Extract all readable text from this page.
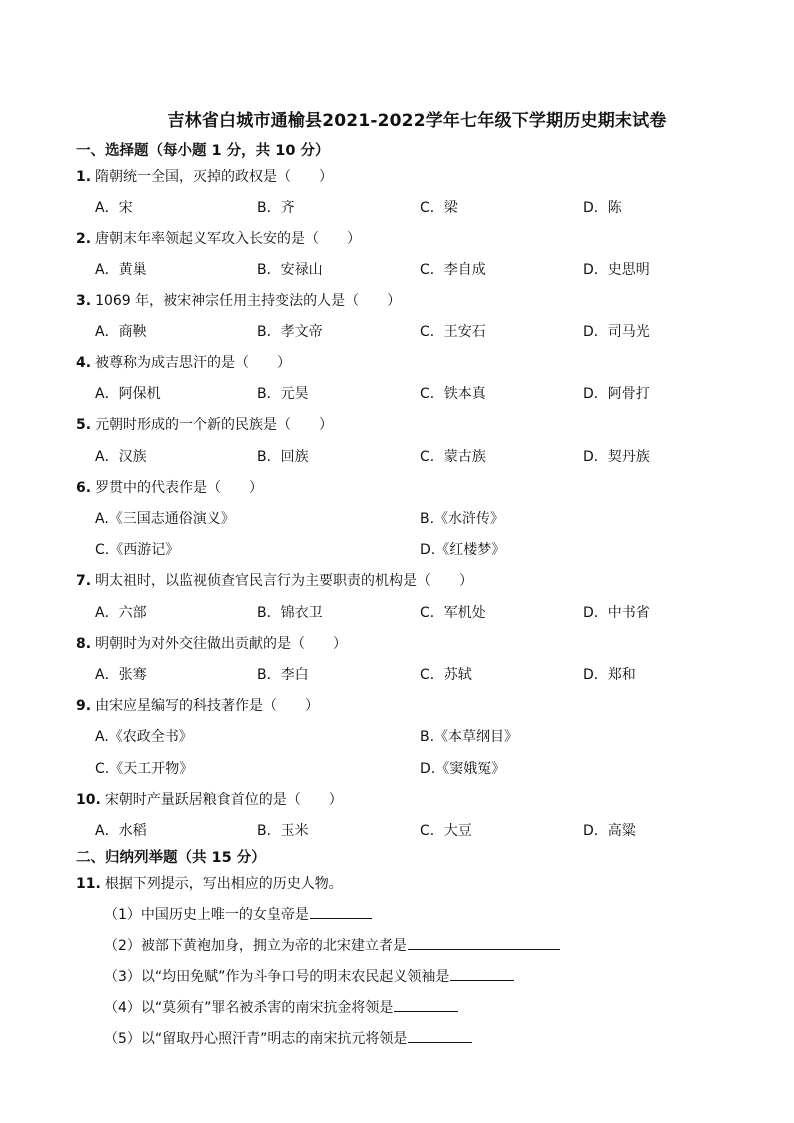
吉林省白城市通榆县2021-2022学年七年级下学期历史期末试卷
一、选择题（每小题 1 分，共 10 分）
1. 隋朝统一全国，灭掉的政权是（　　）
A．宋	B．齐	C．梁	D．陈
2. 唐朝末年率领起义军攻入长安的是（　　）
A．黄巢	B．安禄山	C．李自成	D．史思明
3. 1069 年，被宋神宗任用主持变法的人是（　　）
A．商鞅	B．孝文帝	C．王安石	D．司马光
4. 被尊称为成吉思汗的是（　　）
A．阿保机	B．元昊	C．铁本真	D．阿骨打
5. 元朝时形成的一个新的民族是（　　）
A．汉族	B．回族	C．蒙古族	D．契丹族
6. 罗贯中的代表作是（　　）
A.《三国志通俗演义》	B.《水浒传》
C.《西游记》	D.《红楼梦》
7. 明太祖时，以监视侦查官民言行为主要职责的机构是（　　）
A．六部	B．锦衣卫	C．军机处	D．中书省
8. 明朝时为对外交往做出贡献的是（　　）
A．张骞	B．李白	C．苏轼	D．郑和
9. 由宋应星编写的科技著作是（　　）
A.《农政全书》	B.《本草纲目》
C.《天工开物》	D.《窦娥冤》
10. 宋朝时产量跃居粮食首位的是（　　）
A．水稻	B．玉米	C．大豆	D．高粱
二、归纳列举题（共 15 分）
11. 根据下列提示，写出相应的历史人物。
（1）中国历史上唯一的女皇帝是
（2）被部下黄袍加身，拥立为帝的北宋建立者是
（3）以“均田免赋”作为斗争口号的明末农民起义领袖是
（4）以“莫须有”罪名被杀害的南宋抗金将领是
（5）以“留取丹心照汗青”明志的南宋抗元将领是
